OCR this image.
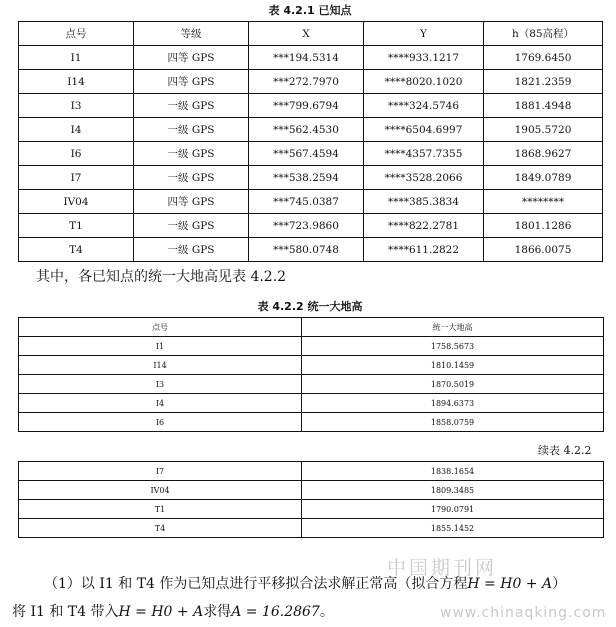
表 4.2.1 已知点
点号	等级	X	Y	h（85高程）
I1	四等 GPS	***194.5314	****933.1217	1769.6450
I14	四等 GPS	***272.7970	****8020.1020	1821.2359
I3	一级 GPS	***799.6794	****324.5746	1881.4948
I4	一级 GPS	***562.4530	****6504.6997	1905.5720
I6	一级 GPS	***567.4594	****4357.7355	1868.9627
I7	一级 GPS	***538.2594	****3528.2066	1849.0789
IV04	四等 GPS	***745.0387	****385.3834	********
T1	一级 GPS	***723.9860	****822.2781	1801.1286
T4	一级 GPS	***580.0748	****611.2822	1866.0075
其中，各已知点的统一大地高见表 4.2.2
表 4.2.2 统一大地高
点号	统一大地高
I1	1758.5673
I14	1810.1459
I3	1870.5019
I4	1894.6373
I6	1858.0759
续表 4.2.2
I7	1838.1654
IV04	1809.3485
T1	1790.0791
T4	1855.1452
（1）以 I1 和 T4 作为已知点进行平移拟合法求解正常高（拟合方程H = H0 + A）
将 I1 和 T4 带入H = H0 + A求得A = 16.2867。
中国期刊网
www.chinaqking.com
